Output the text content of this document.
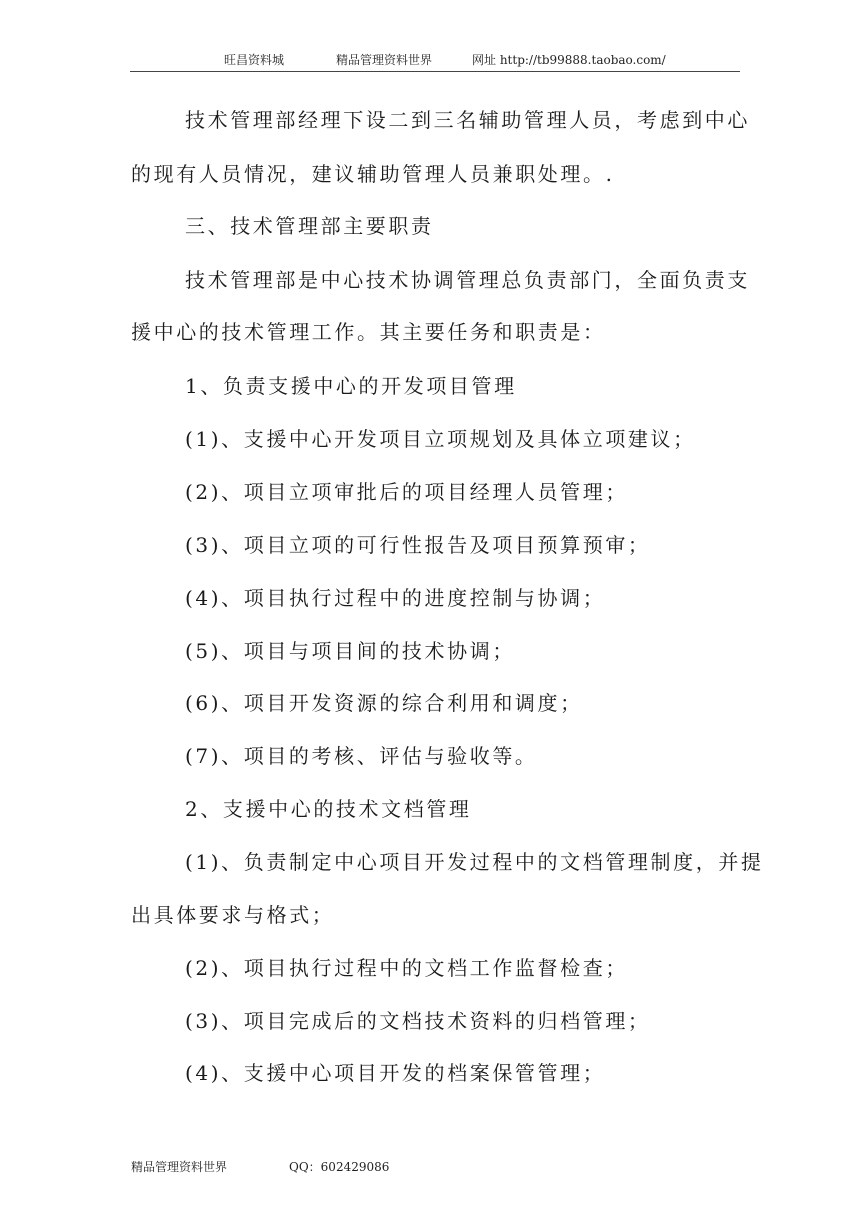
旺昌资料城	精品管理资料世界	网址 http://tb99888.taobao.com/
技术管理部经理下设二到三名辅助管理人员，考虑到中心
的现有人员情况，建议辅助管理人员兼职处理。.
三、技术管理部主要职责
技术管理部是中心技术协调管理总负责部门，全面负责支
援中心的技术管理工作。其主要任务和职责是：
1、负责支援中心的开发项目管理
(1)、支援中心开发项目立项规划及具体立项建议；
(2)、项目立项审批后的项目经理人员管理；
(3)、项目立项的可行性报告及项目预算预审；
(4)、项目执行过程中的进度控制与协调；
(5)、项目与项目间的技术协调；
(6)、项目开发资源的综合利用和调度；
(7)、项目的考核、评估与验收等。
2、支援中心的技术文档管理
(1)、负责制定中心项目开发过程中的文档管理制度，并提
出具体要求与格式；
(2)、项目执行过程中的文档工作监督检查；
(3)、项目完成后的文档技术资料的归档管理；
(4)、支援中心项目开发的档案保管管理；
精品管理资料世界	QQ：602429086
